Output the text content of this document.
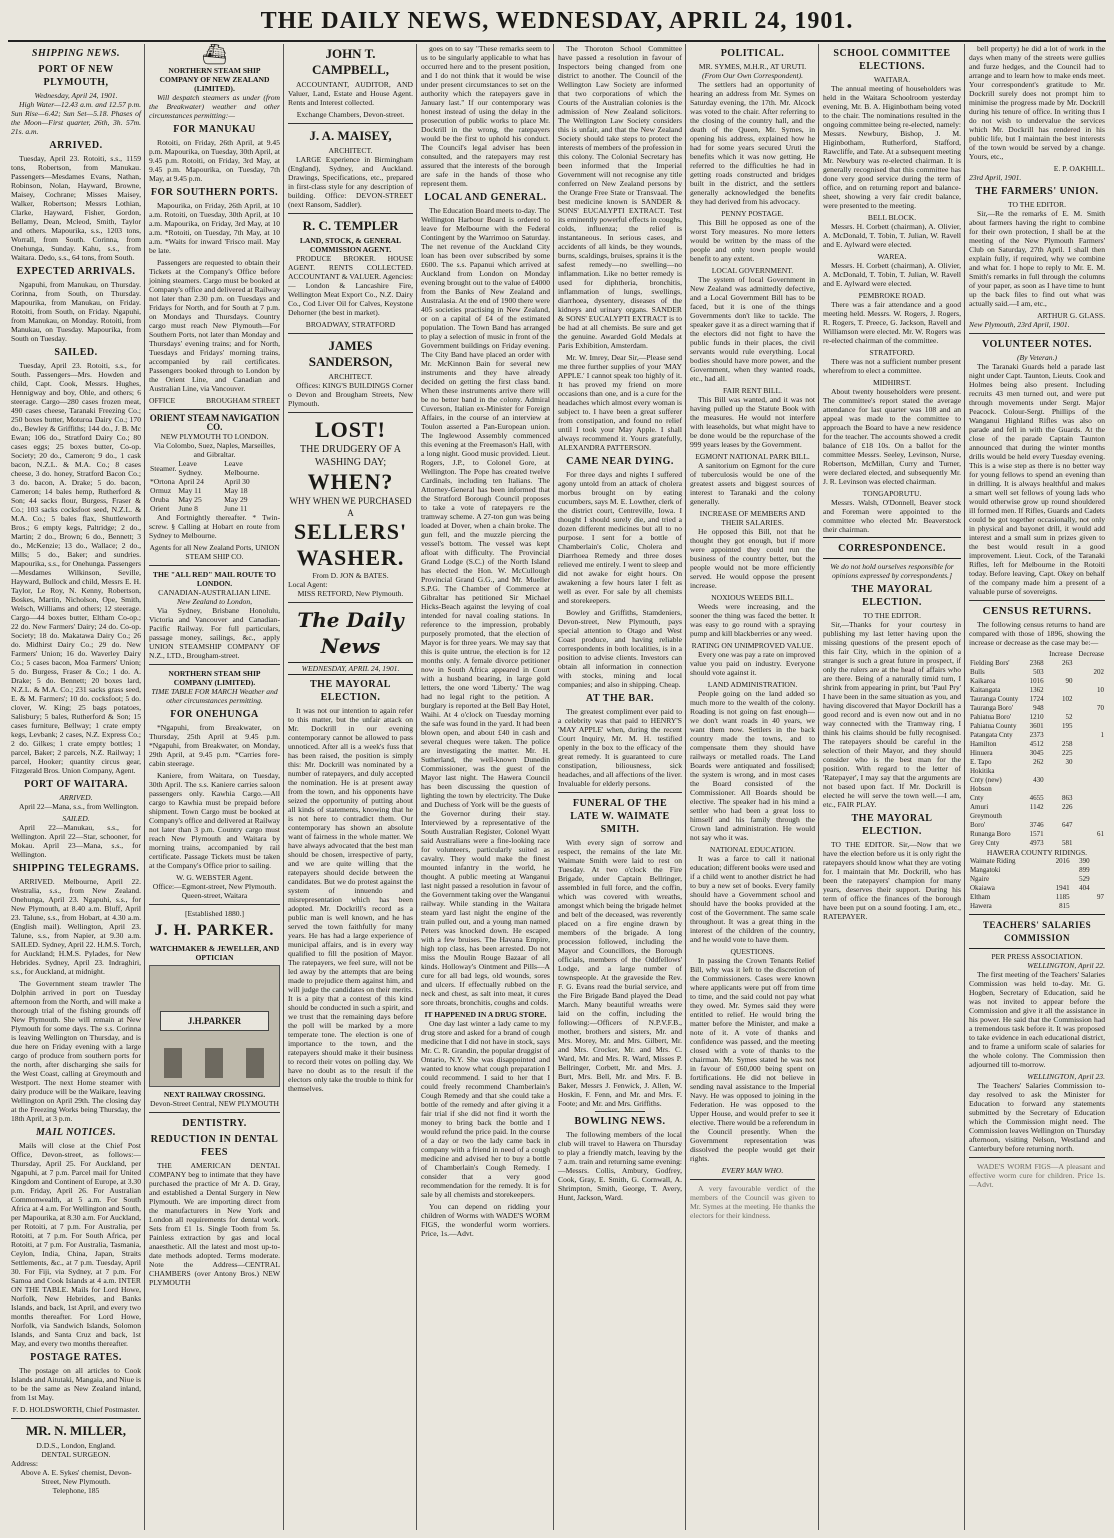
THE DAILY NEWS, WEDNESDAY, APRIL 24, 1901.
SHIPPING NEWS.
PORT OF NEW PLYMOUTH,
Wednesday, April 24, 1901.

High Water—12.43 a.m. and 12.57 p.m. Sun Rise—6.42; Sun Set—5.18. Phases of the Moon—First quarter, 26th, 3h. 57m. 21s. a.m.

ARRIVED.

Tuesday, April 23. Rotoiti, s.s., 1159 tons, Robertson, from Manukau. Passengers—Mesdames Evans, Nathan, Robinson, Nolan, Hayward, Browne, Maisey, Cochrane; Misses Maisey, Walker, Robertson; Messrs Lothian, Clarke, Hayward, Fisher, Gordon, Bellamy, Dean, Mcleod, Smith, Taylor and others. Mapourika, s.s., 1203 tons, Worrall, from South. Corinna, from Onehunga, Sunday. Kahu, s.s., from Waitara. Dedo, s.s., 64 tons, from South.

EXPECTED ARRIVALS.

Ngapuhi, from Manukau, on Thursday. Corinna, from South, on Thursday. Mapourika, from Manukau, on Friday. Rotoiti, from South, on Friday. Ngapuhi, from Manukau, on Monday. Rotoiti, from Manukau, on Tuesday. Mapourika, from South on Tuesday.

SAILED.

Tuesday, April 23. Rotoiti, s.s., for South. Passengers—Mrs. Howden and child, Capt. Cook, Messrs. Hughes, Hennigway and boy, Ohle, and others; 6 steerage. Cargo—280 cases frozen meat, 490 cases cheese, Taranaki Freezing Co.; 250 boxes butter, Moturoa Dairy Co.; 170 do., Bewley & Griffiths; 144 do., J. B. Mc Ewan; 106 do., Stratford Dairy Co.; 80 cases eggs; 25 boxes butter, Co-op. Society; 20 do., Cameron; 9 do., 1 cask bacon, N.Z.L. & M.A. Co.; 8 cases cheese, 3 do. honey, Stratford Bacon Co.; 3 do. bacon, A. Drake; 5 do. bacon, Cameron; 14 bales hemp, Rutherford & Son; 44 sacks flour, Burgess, Fraser & Co.; 103 sacks cocksfoot seed, N.Z.L. & M.A. Co.; 5 bales flax, Shuttleworth Bros.; 6 empty kegs, Paltridge; 2 do., Martin; 2 do., Brown; 6 do., Bennett; 3 do., McKenzie; 13 do., Wallace; 2 do., Mills; 5 do., Baker; and sundries. Mapourika, s.s., for Onehunga. Passengers—Mesdames Wilkinson, Seville, Hayward, Bullock and child, Messrs E. H. Taylor, Le Roy, N. Kenny, Robertson, Boskes, Martin, Nicholson, Ope, Smith, Welsch, Williams and others; 12 steerage. Cargo—44 boxes butter, Eltham Co-op.; 22 do. New Farmers' Dairy; 24 do. Co-op. Society; 18 do. Makatawa Dairy Co.; 26 do. Midhirst Dairy Co.; 29 do. New Farmers' Union; 16 do. Waverley Dairy Co.; 5 cases bacon, Moa Farmers' Union; 5 do. Burgess, Fraser & Co.; 1 do. A. Drake; 5 do. Bennett; 20 boxes lard, N.Z.L. & M.A. Co.; 231 sacks grass seed, E. & M. Farmers'; 10 do. cocksfoot; 5 do. clover, W. King; 25 bags potatoes, Salisbury; 5 bales, Rutherford & Son; 15 cases furniture, Bellway; 1 crate empty kegs, Levbank; 2 cases, N.Z. Express Co.; 2 do. Gilkes; 1 crate empty bottles; 1 parcel, Baker; 2 parcels, N.Z. Railway; 1 parcel, Hooker; quantity circus gear, Fitzgerald Bros. Union Company, Agent.

PORT OF WAITARA.
ARRIVED.

April 22—Mana, s.s., from Wellington.

SAILED.

April 22—Manukau, s.s., for Wellington. April 22—Star, schooner, for Mokau. April 23—Mana, s.s., for Wellington.

SHIPPING TELEGRAMS.

ARRIVED. Melbourne, April 22. Westralia, s.s., from New Zealand. Onehunga, April 23. Ngapuhi, s.s., for New Plymouth, at 8.40 a.m. Bluff, April 23. Talune, s.s., from Hobart, at 4.30 a.m. (English mail). Wellington, April 23. Talune, s.s., from Napier, at 9.30 a.m. SAILED. Sydney, April 22. H.M.S. Torch, for Auckland; H.M.S. Pylades, for New Hebrides. Sydney, April 23. Indraghiri, s.s., for Auckland, at midnight.

The Government steam trawler The Dolphin arrived in port on Tuesday afternoon from the North, and will make a thorough trial of the fishing grounds off New Plymouth. She will remain at New Plymouth for some days. The s.s. Corinna is leaving Wellington on Thursday, and is due here on Friday evening with a large cargo of produce from southern ports for the north, after discharging she sails for the West Coast, calling at Greymouth and Westport. The next Home steamer with dairy produce will be the Waikare, leaving Wellington on April 29th. The closing day at the Freezing Works being Thursday, the 18th April, at 3 p.m.

MAIL NOTICES.

Mails will close at the Chief Post Office, Devon-street, as follows:— Thursday, April 25. For Auckland, per Ngapuhi, at 7 p.m. Parcel mail for United Kingdom and Continent of Europe, at 3.30 p.m. Friday, April 26. For Australian Commonwealth, at 5 a.m. For South Africa at 4 a.m. For Wellington and South, per Mapourika, at 8.30 a.m. For Auckland, per Rotoiti, at 7 p.m. For Australia, per Rotoiti, at 7 p.m. For South Africa, per Rotoiti, at 7 p.m. For Australia, Tasmania, Ceylon, India, China, Japan, Straits Settlements, &c., at 7 p.m. Tuesday, April 30. For Fiji, via Sydney, at 7 p.m. For Samoa and Cook Islands at 4 a.m. INTER ON THE TABLE. Mails for Lord Howe, Norfolk, New Hebrides, and Banks Islands, and back, 1st April, and every two months thereafter. For Lord Howe, Norfolk, via Sandwich Islands, Solomon Islands, and Santa Cruz and back, 1st May, and every two months thereafter.

POSTAGE RATES.

The postage on all articles to Cook Islands and Aitutaki, Mangaia, and Niue is to be the same as New Zealand inland, from 1st May.

F. D. HOLDSWORTH, Chief Postmaster.
MR. N. MILLER,
D.D.S., London, England.
DENTAL SURGEON.
Address:
Above A. E. Sykes' chemist, Devon-Street, New Plymouth.
Telephone, 185
⛴
NORTHERN STEAM SHIP COMPANY OF NEW ZEALAND (LIMITED).

Will despatch steamers as under (from the Breakwater) weather and other circumstances permitting:—

FOR MANUKAU

Rotoiti, on Friday, 26th April, at 9.45 p.m. Mapourika, on Tuesday, 30th April, at 9.45 p.m. Rotoiti, on Friday, 3rd May, at 9.45 p.m. Mapourika, on Tuesday, 7th May, at 9.45 p.m.

FOR SOUTHERN PORTS.

Mapourika, on Friday, 26th April, at 10 a.m. Rotoiti, on Tuesday, 30th April, at 10 a.m. Mapourika, on Friday, 3rd May, at 10 a.m. *Rotoiti, on Tuesday, 7th May, at 10 a.m. *Waits for inward 'Frisco mail. May be late.

Passengers are requested to obtain their Tickets at the Company's Office before joining steamers. Cargo must be booked at Company's office and delivered at Railway not later than 2.30 p.m. on Tuesdays and Fridays for North, and for South at 7 p.m. on Mondays and Thursdays. Country cargo must reach New Plymouth—For Southern Ports, not later than Monday and Thursdays' evening trains; and for North, Tuesdays and Fridays' morning trains, accompanied by rail certificates. Passengers booked through to London by the Orient Line, and Canadian and Australian Line, via Vancouver.

OFFICE	BROUGHAM STREET
ORIENT STEAM NAVIGATION CO.
NEW PLYMOUTH TO LONDON.
Via Colombo, Suez, Naples, Marseilles, and Gibraltar.
Steamer.	Leave Sydney.	Leave Melbourne.
*Ortona	April 24	April 30
Ormuz	May 11	May 18
Oruba	May 25	May 29
Orient	June 8	June 11

And Fortnightly thereafter. * Twin-screw. § Calling at Hobart en route from Sydney to Melbourne.

Agents for all New Zealand Ports, UNION STEAM SHIP CO.
THE "ALL RED" MAIL ROUTE TO LONDON.
CANADIAN-AUSTRALIAN LINE.
New Zealand to London,

Via Sydney, Brisbane Honolulu, Victoria and Vancouver and Canadian-Pacific Railway. For full particulars, passage money, sailings, &c., apply UNION STEAMSHIP COMPANY OF N.Z., LTD., Brougham-street.

NORTHERN STEAM SHIP COMPANY (LIMITED).
TIME TABLE FOR MARCH Weather and other circumstances permitting.
FOR ONEHUNGA

*Ngapuhi, from Breakwater, on Thursday, 25th April at 9.45 p.m. *Ngapuhi, from Breakwater, on Monday, 29th April, at 9.45 p.m. *Carries fore-cabin steerage.

Kaniere, from Waitara, on Tuesday, 30th April. The s.s. Kaniere carries saloon passengers only. Kawhia Cargo.—All cargo to Kawhia must be prepaid before shipment. Town Cargo must be booked at Company's office and delivered at Railway not later than 3 p.m. Country cargo must reach New Plymouth and Waitara by morning trains, accompanied by rail certificate. Passage Tickets must be taken at the Company's Office prior to sailing.

W. G. WEBSTER Agent.
Office:—Egmont-street, New Plymouth. Queen-street, Waitara
[Established 1880.]
J. H. PARKER.
WATCHMAKER & JEWELLER, AND OPTICIAN
J.H.PARKER
NEXT RAILWAY CROSSING.
Devon-Street Central, NEW PLYMOUTH
DENTISTRY.
REDUCTION IN DENTAL FEES

THE AMERICAN DENTAL COMPANY beg to intimate that they have purchased the practice of Mr A. D. Gray, and established a Dental Surgery in New Plymouth. We are importing direct from the manufacturers in New York and London all requirements for dental work. Sets from £1 1s. Single Tooth from 5s. Painless extraction by gas and local anaesthetic. All the latest and most up-to-date methods adopted. Terms moderate. Note the Address—CENTRAL CHAMBERS (over Antony Bros.) NEW PLYMOUTH

JOHN T. CAMPBELL,

ACCOUNTANT, AUDITOR, AND Valuer, Land, Estate and House Agent. Rents and Interest collected.

Exchange Chambers, Devon-street.
J. A. MAISEY,
ARCHITECT.

LARGE Experience in Birmingham (England), Sydney, and Auckland. Drawings, Specifications, etc., prepared in first-class style for any description of building. Office: DEVON-STREET (next Ransom, Saddler).

R. C. TEMPLER
LAND, STOCK, & GENERAL COMMISSION AGENT.

PRODUCE BROKER. HOUSE AGENT. RENTS COLLECTED. ACCOUNTANT & VALUER. Agencies:— London & Lancashire Fire, Wellington Meat Export Co., N.Z. Dairy Co., Cod Liver Oil for Calves, Keystone Dehorner (the best in market).

BROADWAY, STRATFORD
JAMES SANDERSON,
ARCHITECT.

Offices: KING'S BUILDINGS Corner o Devon and Brougham Streets, New Plymouth.

LOST!
THE DRUDGERY OF A WASHING DAY;
WHEN?
WHY WHEN WE PURCHASED A
SELLERS' WASHER.
From D. JON & BATES.
Local Agent:
MISS RETFORD, New Plymouth.
The Daily News
WEDNESDAY, APRIL 24, 1901.
THE MAYORAL ELECTION.

It was not our intention to again refer to this matter, but the unfair attack on Mr. Dockrill in our evening contemporary cannot be allowed to pass unnoticed. After all is a week's fuss that has been raised, the position is simply this: Mr. Dockrill was nominated by a number of ratepayers, and duly accepted the nomination. He is at present away from the town, and his opponents have seized the opportunity of putting about all kinds of statements, knowing that he is not here to contradict them. Our contemporary has shown an absolute want of fairness in the whole matter. We have always advocated that the best man should be chosen, irrespective of party, and we are quite willing that the ratepayers should decide between the candidates. But we do protest against the system of innuendo and misrepresentation which has been adopted. Mr. Dockrill's record as a public man is well known, and he has served the town faithfully for many years. He has had a large experience of municipal affairs, and is in every way qualified to fill the position of Mayor. The ratepayers, we feel sure, will not be led away by the attempts that are being made to prejudice them against him, and will judge the candidates on their merits. It is a pity that a contest of this kind should be conducted in such a spirit, and we trust that the remaining days before the poll will be marked by a more temperate tone. The election is one of importance to the town, and the ratepayers should make it their business to record their votes on polling day. We have no doubt as to the result if the electors only take the trouble to think for themselves.

goes on to say "These remarks seem to us to be singularly applicable to what has occurred here and to the present position, and I do not think that it would be wise under present circumstances to set on the authority which the ratepayers gave in January last." If our contemporary was honest instead of using the delay in the prosecution of public works to place Mr. Dockrill in the wrong, the ratepayers would be the first to uphold his conduct. The Council's legal adviser has been consulted, and the ratepayers may rest assured that the interests of the borough are safe in the hands of those who represent them.

LOCAL AND GENERAL.

The Education Board meets to-day. The Wellington Harbour Board is ordered to leave for Melbourne with the Federal Contingent by the Warrimoo on Saturday. The net revenue of the Auckland City loan has been over subscribed by some £600. The s.s. Papanui which arrived at Auckland from London on Monday evening brought out to the value of £4000 from the Banks of New Zealand and Australasia. At the end of 1900 there were 405 societies practising in New Zealand, or on a capital of £4 of the estimated population. The Town Band has arranged to play a selection of music in front of the Government buildings on Friday evening. The City Band have placed an order with Mr. McKinnon Bain for several new instruments and they have already decided on getting the first class band. When these instruments arrive there will be no better band in the colony. Admiral Cuverson, Italian ex-Minister for Foreign Affairs, in the course of an interview at Toulon asserted a Pan-European union. The Inglewood Assembly commenced this evening at the Freemason's Hall, with a long night. Good music provided. Lieut. Rogers, J.P., to Colonel Gore, at Wellington. The Pope has created twelve Cardinals, including ten Italians. The Attorney-General has been informed that the Stratford Borough Council proposes to take a vote of ratepayers re the tramway scheme. A 27-ton gun was being loaded at Dover, when a chain broke. The gun fell, and the muzzle piercing the vessel's bottom. The vessel was kept afloat with difficulty. The Provincial Grand Lodge (S.C.) of the North Island has elected the Hon. W. McCullough Provincial Grand G.G., and Mr. Mueller S.P.G. The Chamber of Commerce at Gibraltar has petitioned Sir Michael Hicks-Beach against the levying of coal intended for naval coaling stations. In reference to the impression, probably purposely promoted, that the election of Mayor is for three years. We may say that this is quite untrue, the election is for 12 months only. A female divorce petitioner now in South Africa appeared in Court with a husband bearing, in large gold letters, the one word 'Liberty.' The wag had no legal right to the petition. A burglary is reported at the Bell Bay Hotel, Waihi. At 4 o'clock on Tuesday morning the safe was found in the yard. It had been blown open, and about £40 in cash and several cheques were taken. The police are investigating the matter. Mr. H. Sutherland, the well-known Dunedin Commissioner, was the guest of the Mayor last night. The Hawera Council has been discussing the question of lighting the town by electricity. The Duke and Duchess of York will be the guests of the Governor during their stay. Interviewed by a representative of the South Australian Register, Colonel Wyatt said Australians were a fine-looking race for volunteers, particularly suited as cavalry. They would make the finest mounted infantry in the world, he thought. A public meeting at Wanganui last night passed a resolution in favour of the Government taking over the Wanganui railway. While standing in the Waitara steam yard last night the engine of the train pulled out, and a young man named Peters was knocked down. He escaped with a few bruises. The Havana Empire, high top class, has been arrested. Do not miss the Moulin Rouge Bazaar of all kinds. Holloway's Ointment and Pills—A cure for all bad legs, old wounds, sores and ulcers. If effectually rubbed on the neck and chest, as salt into meat, it cures sore throats, bronchitis, coughs and colds.

IT HAPPENED IN A DRUG STORE.

One day last winter a lady came to my drug store and asked for a brand of cough medicine that I did not have in stock, says Mr. C. R. Grandin, the popular druggist of Ontario, N.Y. She was disappointed and wanted to know what cough preparation I could recommend. I said to her that I could freely recommend Chamberlain's Cough Remedy and that she could take a bottle of the remedy and after giving it a fair trial if she did not find it worth the money to bring back the bottle and I would refund the price paid. In the course of a day or two the lady came back in company with a friend in need of a cough medicine and advised her to buy a bottle of Chamberlain's Cough Remedy. I consider that a very good recommendation for the remedy. It is for sale by all chemists and storekeepers.

You can depend on ridding your children of Worms with WADE'S WORM FIGS, the wonderful worm worriers. Price, 1s.—Advt.

The Thoroton School Committee have passed a resolution in favour of Inspectors being changed from one district to another. The Council of the Wellington Law Society are informed that two corporations of which the Courts of the Australian colonies is the admission of New Zealand solicitors. The Wellington Law Society considers this is unfair, and that the New Zealand Society should take steps to protect the interests of members of the profession in this colony. The Colonial Secretary has been informed that the Imperial Government will not recognise any title conferred on New Zealand persons by the Orange Free State or Transvaal. The best medicine known is SANDER & SONS' EUCALYPTI EXTRACT. Test its eminently powerful effects in coughs, colds, influenza; the relief is instantaneous. In serious cases, and accidents of all kinds, be they wounds, burns, scaldings, bruises, sprains it is the safest remedy—no swelling—no inflammation. Like no better remedy is used for diphtheria, bronchitis, inflammation of lungs, swellings, diarrhoea, dysentery, diseases of the kidneys and urinary organs. SANDER & SONS' EUCALYPTI EXTRACT is to be had at all chemists. Be sure and get the genuine. Awarded Gold Medals at Paris Exhibition, Amsterdam.

Mr. W. Imrey, Dear Sir,—Please send me three further supplies of your 'MAY APPLE.' I cannot speak too highly of it. It has proved my friend on more occasions than one, and is a cure for the headaches which almost every woman is subject to. I have been a great sufferer from constipation, and found no relief until I took your May Apple. I shall always recommend it. Yours gratefully, ALEXANDRA PATTERSON.

CAME NEAR DYING.

For three days and nights I suffered agony untold from an attack of cholera morbus brought on by eating cucumbers, says M. E. Lowther, clerk of the district court, Centreville, Iowa. I thought I should surely die, and tried a dozen different medicines but all to no purpose. I sent for a bottle of Chamberlain's Colic, Cholera and Diarrhoea Remedy and three doses relieved me entirely. I went to sleep and did not awake for eight hours. On awakening a few hours later I felt as well as ever. For sale by all chemists and storekeepers.

Bowley and Griffiths, Stamdeniers, Devon-street, New Plymouth, pays special attention to Otago and West Coast produce, and having reliable correspondents in both localities, is in a position to advise clients. Investors can obtain all information in connection with stocks, mining and local companies; and also in shipping. Cheap.

AT THE BAR.

The greatest compliment ever paid to a celebrity was that paid to HENRY'S 'MAY APPLE' when, during the recent Court Inquiry, Mr. M. H. testified openly in the box to the efficacy of the great remedy. It is guaranteed to cure constipation, biliousness, sick headaches, and all affections of the liver. Invaluable for elderly persons.

FUNERAL OF THE LATE W. WAIMATE SMITH.

With every sign of sorrow and respect, the remains of the late Mr. Waimate Smith were laid to rest on Tuesday. At two o'clock the Fire Brigade, under Captain Bellringer, assembled in full force, and the coffin, which was covered with wreaths, amongst which being the brigade helmet and belt of the deceased, was reverently placed on a fire engine drawn by members of the brigade. A long procession followed, including the Mayor and Councillors, the Borough officials, members of the Oddfellows' Lodge, and a large number of townspeople. At the graveside the Rev. F. G. Evans read the burial service, and the Fire Brigade Band played the Dead March. Many beautiful wreaths were laid on the coffin, including the following:—Officers of N.P.V.F.B., mother, brothers and sisters, Mr. and Mrs. Morey, Mr. and Mrs. Gilbert, Mr. and Mrs. Crocker, Mr. and Mrs. C. Ward, Mr. and Mrs. R. Ward, Misses P. Bellringer, Corbett, Mr. and Mrs. J. Burt, Mrs. Bell, Mr. and Mrs. F. B. Baker, Messrs J. Fenwick, J. Allen, W. Hoskin, F. Fenn, and Mr. and Mrs. F. Foote; and Mr. and Mrs. Griffiths.

BOWLING NEWS.

The following members of the local club will travel to Hawera on Thursday to play a friendly match, leaving by the 7 a.m. train and returning same evening:—Messrs. Collis, Ambury, Godfrey, Cook, Gray, E. Smith, G. Cornwall, A. Shrimpton, Smith, George, T. Avery, Hunt, Jackson, Ward.

POLITICAL.
MR. SYMES, M.H.R., AT URUTI.
(From Our Own Correspondent).

The settlers had an opportunity of hearing an address from Mr. Symes on Saturday evening, the 17th. Mr. Alcock was voted to the chair. After referring to the closing of the country hall, and the death of the Queen, Mr. Symes, in opening his address, explained how he had for some years secured Uruti the benefits which it was now getting. He referred to the difficulties he had in getting roads constructed and bridges built in the district, and the settlers generally acknowledged the benefits they had derived from his advocacy.

PENNY POSTAGE.

This Bill he opposed as one of the worst Tory measures. No more letters would be written by the mass of the people and only town people would benefit to any extent.

LOCAL GOVERNMENT.

The system of local Government in New Zealand was admittedly defective, and a Local Government Bill has to be faced, but it is one of the things Governments don't like to tackle. The speaker gave it as a direct warning that if the electors did not fight to have the public funds in their places, the civil servants would rule everything. Local bodies should have more power, and the Government, when they wanted roads, etc., had all.

FAIR RENT BILL.

This Bill was wanted, and it was not having pulled up the Statute Book with the measures. He would not interfere with leaseholds, but what might have to be done would be the repurchase of the 999 years leases by the Government.

EGMONT NATIONAL PARK BILL.

A sanitorium on Egmont for the cure of tuberculosis would be one of the greatest assets and biggest sources of interest to Taranaki and the colony generally.

INCREASE OF MEMBERS AND THEIR SALARIES.

He opposed this Bill, not that he thought they got enough, but if more were appointed they could run the business of the country better, but the people would not be more efficiently served. He would oppose the present increase.

NOXIOUS WEEDS BILL.

Weeds were increasing, and the sooner the thing was faced the better. It was easy to go round with a spraying pump and kill blackberries or any weed.

RATING ON UNIMPROVED VALUE.

Every one was pay a rate on improved value you paid on industry. Everyone should vote against it.

LAND ADMINISTRATION.

People going on the land added so much more to the wealth of the colony. Roading is not going on fast enough—we don't want roads in 40 years, we want them now. Settlers in the back country made the towns, and to compensate them they should have railways or metalled roads. The Land Boards were antiquated and fossilised; the system is wrong, and in most cases the Board consisted of the Commissioner. All Boards should be elective. The speaker had in his mind a settler who had been a great loss to himself and his family through the Crown land administration. He would not say who it was.

NATIONAL EDUCATION.

It was a farce to call it national education; different books were used and if a child went to another district he had to buy a new set of books. Every family should have a Government school and should have the books provided at the cost of the Government. The same scale throughout. It was a great thing in the interest of the children of the country, and he would vote to have them.

QUESTIONS.

In passing the Crown Tenants Relief Bill, why was it left to the discretion of the Commissioners. Cases were known where applicants were put off from time to time, and the said could not pay what they owed. Mr. Symes said they were entitled to relief. He would bring the matter before the Minister, and make a note of it. A vote of thanks and confidence was passed, and the meeting closed with a vote of thanks to the chairman. Mr. Symes stated he was not in favour of £60,000 being spent on fortifications. He did not believe in sending naval assistance to the Imperial Navy. He was opposed to joining in the Federation. He was opposed to the Upper House, and would prefer to see it elective. There would be a referendum in the Council presently. When the Government representation was dissolved the people would get their rights.

EVERY MAN WHO.

A very favourable verdict of the members of the Council was given to Mr. Symes at the meeting. He thanks the electors for their kindness.

SCHOOL COMMITTEE ELECTIONS.
WAITARA.

The annual meeting of householders was held in the Waitara Schoolroom yesterday evening, Mr. B. A. Higinbotham being voted to the chair. The nominations resulted in the ongoing committee being re-elected, namely: Messrs. Newbury, Bishop, J. M. Higinbotham, Rutherford, Stafford, Rawcliffe, and Tate. At a subsequent meeting Mr. Newbury was re-elected chairman. It is generally recognised that this committee has done very good service during the term of office, and on returning report and balance-sheet, showing a very fair credit balance, were presented to the meeting.

BELL BLOCK.

Messrs. H. Corbett (chairman), A. Olivier, A. McDonald, T. Tobin, T. Julian, W. Ravell and E. Aylward were elected.

WAREA.

Messrs. H. Corbett (chairman), A. Olivier, A. McDonald, T. Tobin, T. Julian, W. Ravell and E. Aylward were elected.

PEMBROKE ROAD.

There was a fair attendance and a good meeting held. Messrs. W. Rogers, J. Rogers, R. Rogers, T. Preece, G. Jackson, Ravell and Williamson were elected. Mr. W. Rogers was re-elected chairman of the committee.

STRATFORD.

There was not a sufficient number present wherefrom to elect a committee.

MIDHIRST.

About twenty householders were present. The committee's report stated the average attendance for last quarter was 108 and an appeal was made to the committee to approach the Board to have a new residence for the teacher. The accounts showed a credit balance of £18 10s. On a ballot for the committee Messrs. Seeley, Levinson, Nurse, Robertson, McMillan, Curry and Turner, were declared elected, and subsequently Mr. J. R. Levinson was elected chairman.

TONGAPORUTU.

Messrs. Walsh, O'Donnell, Beaver stock and Foreman were appointed to the committee who elected Mr. Beaverstock their chairman.

CORRESPONDENCE.
We do not hold ourselves responsible for opinions expressed by correspondents.]
THE MAYORAL ELECTION.
TO THE EDITOR.

Sir,—Thanks for your courtesy in publishing my last letter having upon the missing questions of the present epoch of this fair City, which in the opinion of a stranger is such a great future in prospect, if only the rulers are at the head of affairs who are there. Being of a naturally timid turn, I shrink from appearing in print, but 'Paul Pry' I have been in the same situation as you, and having discovered that Mayor Dockrill has a good record and is even now out and in no way connected with the Tramway ring, I think his claims should be fully recognised. The ratepayers should be careful in the selection of their Mayor, and they should consider who is the best man for the position. With regard to the letter of 'Ratepayer', I may say that the arguments are not based upon fact. If Mr. Dockrill is elected he will serve the town well.—I am, etc., FAIR PLAY.

THE MAYORAL ELECTION.

TO THE EDITOR. Sir,—Now that we have the election before us it is only right the ratepayers should know what they are voting for. I maintain that Mr. Dockrill, who has been the ratepayers' champion for many years, deserves their support. During his term of office the finances of the borough have been put on a sound footing. I am, etc., RATEPAYER.

bell property) he did a lot of work in the days when many of the streets were gullies and furze hedges, and the Council had to arrange and to learn how to make ends meet. Your correspondent's gratitude to Mr. Dockrill surely does not prompt him to minimise the progress made by Mr. Dockrill during his tenure of office. In writing thus I do not wish to undervalue the services which Mr. Dockrill has rendered in his public life, but I maintain the best interests of the town would be served by a change. Yours, etc.,

E. P. OAKHILL.
23rd April, 1901.
THE FARMERS' UNION.
TO THE EDITOR.

Sir,—Re the remarks of E. M. Smith about farmers having the right to combine for their own protection, I shall be at the meeting of the New Plymouth Farmers' Club on Saturday, 27th April. I shall then explain fully, if required, why we combine and what for. I hope to reply to Mr. E. M. Smith's remarks in full through the columns of your paper, as soon as I have time to hunt up the back files to find out what was actually said.—I am, etc.,

ARTHUR G. GLASS.
New Plymouth, 23rd April, 1901.
VOLUNTEER NOTES.
(By Veteran.)

The Taranaki Guards held a parade last night under Capt. Taunton, Lieuts. Cook and Holmes being also present. Including recruits 43 men turned out, and were put through movements under Sergt. Major Peacock. Colour-Sergt. Phillips of the Wanganui Highland Rifles was also on parade and fell in with the Guards. At the close of the parade Captain Taunton announced that during the winter months drills would be held every Tuesday evening. This is a wise step as there is no better way for young fellows to spend an evening than in drilling. It is always healthful and makes a smart well set fellows of young lads who would otherwise grow up round shouldered ill formed men. If Rifles, Guards and Cadets could be got together occasionally, not only in physical and bayonet drill, it would add interest and a small sum in prizes given to the best would result in a good improvement. Lieut. Cock, of the Taranaki Rifles, left for Melbourne in the Rotoiti today. Before leaving, Capt. Okey on behalf of the company made him a present of a valuable purse of sovereigns.

CENSUS RETURNS.

The following census returns to hand are compared with those of 1896, showing the increase or decrease as the case may be:—

		Increase	Decrease
Fielding Bors'	2368	263	
Bulls	503		202
Kaikaroa	1016	90	
Kaitangata	1362		10
Tauranga County	1724	102	
Tauranga Boro'	948		70
Pahiatua Boro'	1210	52	
Pahiatua County	3601	195	
Patangata Cnty	2373		1
Hamilton	4512	258	
Hinuera	3045	225	
E. Tapo	262	30	
Hokitika			
Cnty (new)	430		
Hobson			
Cnty	4655	863	
Amuri	1142	226	
Greymouth			
Boro'	3746	647	
Runanga Boro	1571		61
Grey Cnty	4973	581	
HAWERA COUNTY RIDINGS.
Waimate Riding	2016	390	
Mangatoki		899	
Ngaire		529	
Okaiawa	1941	404	
Eltham	1185		97
Hawera	815		
TEACHERS' SALARIES COMMISSION
PER PRESS ASSOCIATION.
WELLINGTON, April 22.

The first meeting of the Teachers' Salaries Commission was held to-day. Mr. G. Hogben, Secretary of Education, said he was not invited to appear before the Commission and give it all the assistance in his power. He said that the Commission had a tremendous task before it. It was proposed to take evidence in each educational district, and to frame a uniform scale of salaries for the whole colony. The Commission then adjourned till to-morrow.

WELLINGTON, April 23.

The Teachers' Salaries Commission to-day resolved to ask the Minister for Education to forward any statements submitted by the Secretary of Education which the Commission might need. The Commission leaves Wellington on Thursday afternoon, visiting Nelson, Westland and Canterbury before returning north.

WADE'S WORM FIGS—A pleasant and effective worm cure for children. Price 1s.—Advt.
